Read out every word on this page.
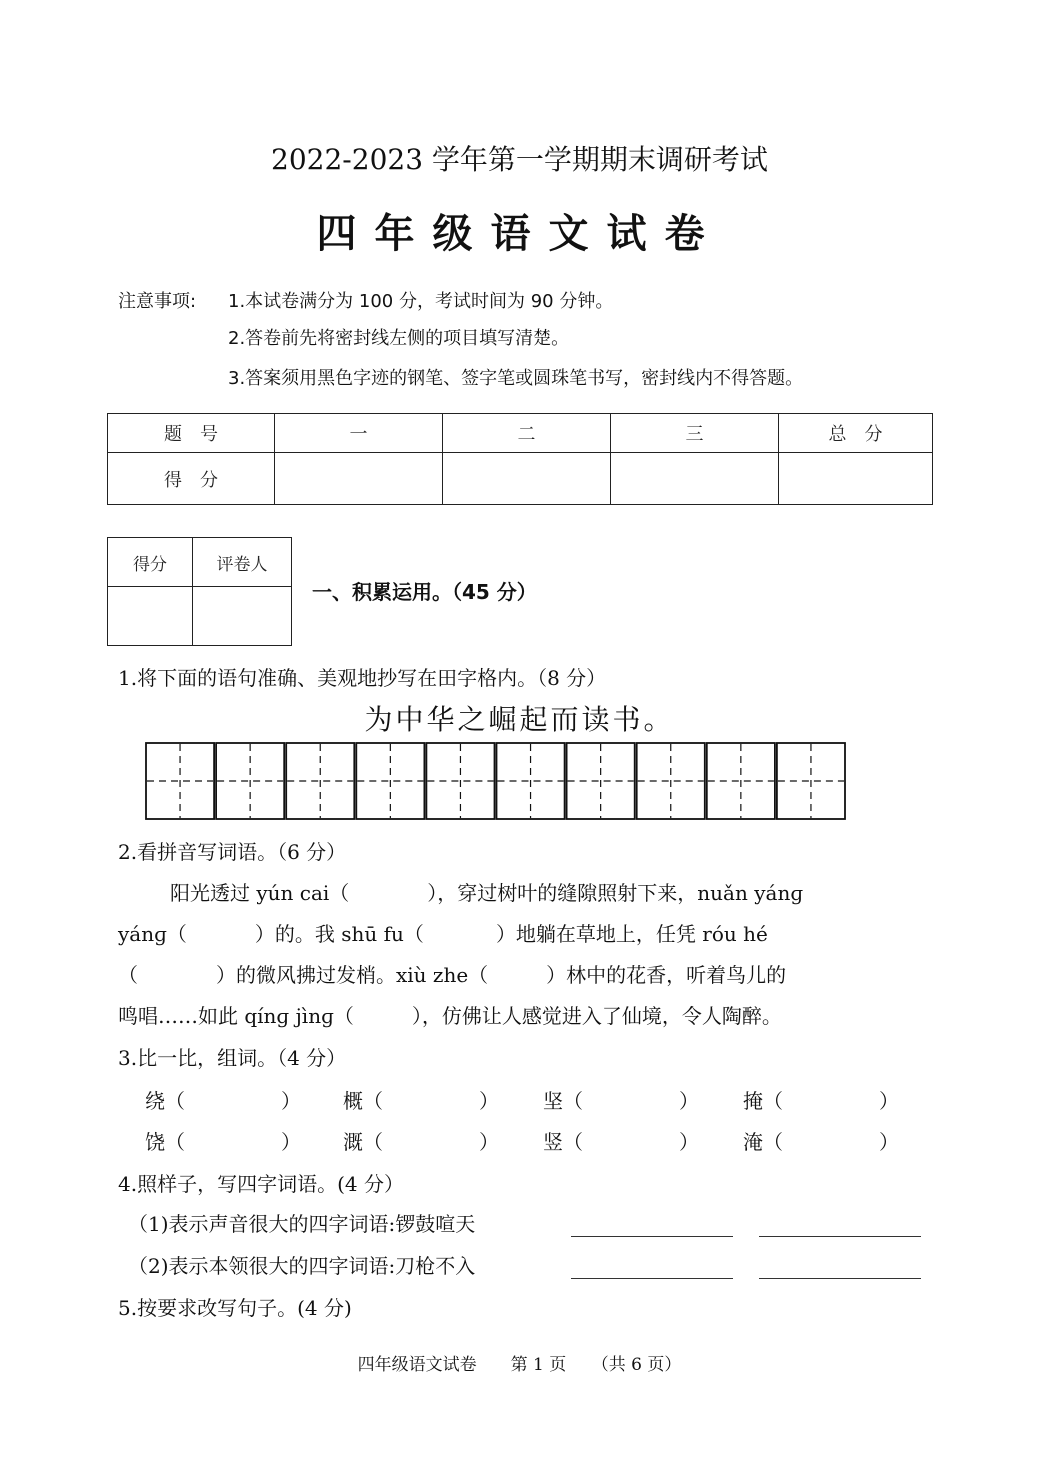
2022-2023 学年第一学期期末调研考试
四年级语文试卷
注意事项: 1.本试卷满分为 100 分，考试时间为 90 分钟。
2.答卷前先将密封线左侧的项目填写清楚。
3.答案须用黑色字迹的钢笔、签字笔或圆珠笔书写，密封线内不得答题。
题　号	一	二	三	总　分
得　分				
得分	评卷人

一、积累运用。（45 分）
1.将下面的语句准确、美观地抄写在田字格内。（8 分）
为中华之崛起而读书。
2.看拼音写词语。（6 分）
阳光透过 yún cai（	），穿过树叶的缝隙照射下来，nuǎn yánɡ
yánɡ（	）的。我 shū fu（	）地躺在草地上，任凭 róu hé
（	）的微风拂过发梢。xiù zhe（	）林中的花香，听着鸟儿的
鸣唱……如此 qínɡ jìnɡ（	），仿佛让人感觉进入了仙境，令人陶醉。
3.比一比，组词。（4 分）
绕（	） 概（	） 坚（	） 掩（	）
饶（	） 溉（	） 竖（	） 淹（	）
4.照样子，写四字词语。(4 分）
（1)表示声音很大的四字词语:锣鼓喧天
（2)表示本领很大的四字词语:刀枪不入
5.按要求改写句子。(4 分)
四年级语文试卷　　第 1 页　　（共 6 页）
